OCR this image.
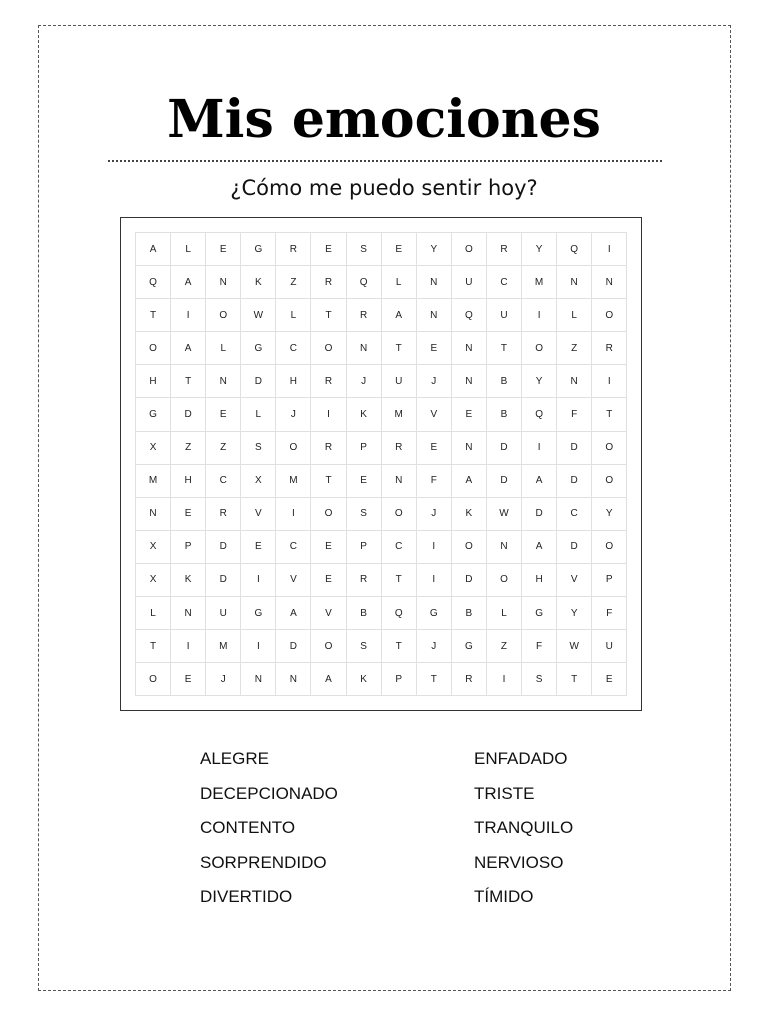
Mis emociones

¿Cómo me puedo sentir hoy?

A	L	E	G	R	E	S	E	Y	O	R	Y	Q	I
Q	A	N	K	Z	R	Q	L	N	U	C	M	N	N
T	I	O	W	L	T	R	A	N	Q	U	I	L	O
O	A	L	G	C	O	N	T	E	N	T	O	Z	R
H	T	N	D	H	R	J	U	J	N	B	Y	N	I
G	D	E	L	J	I	K	M	V	E	B	Q	F	T
X	Z	Z	S	O	R	P	R	E	N	D	I	D	O
M	H	C	X	M	T	E	N	F	A	D	A	D	O
N	E	R	V	I	O	S	O	J	K	W	D	C	Y
X	P	D	E	C	E	P	C	I	O	N	A	D	O
X	K	D	I	V	E	R	T	I	D	O	H	V	P
L	N	U	G	A	V	B	Q	G	B	L	G	Y	F
T	I	M	I	D	O	S	T	J	G	Z	F	W	U
O	E	J	N	N	A	K	P	T	R	I	S	T	E
ALEGRE	ENFADADO
DECEPCIONADO	TRISTE
CONTENTO	TRANQUILO
SORPRENDIDO	NERVIOSO
DIVERTIDO	TÍMIDO
